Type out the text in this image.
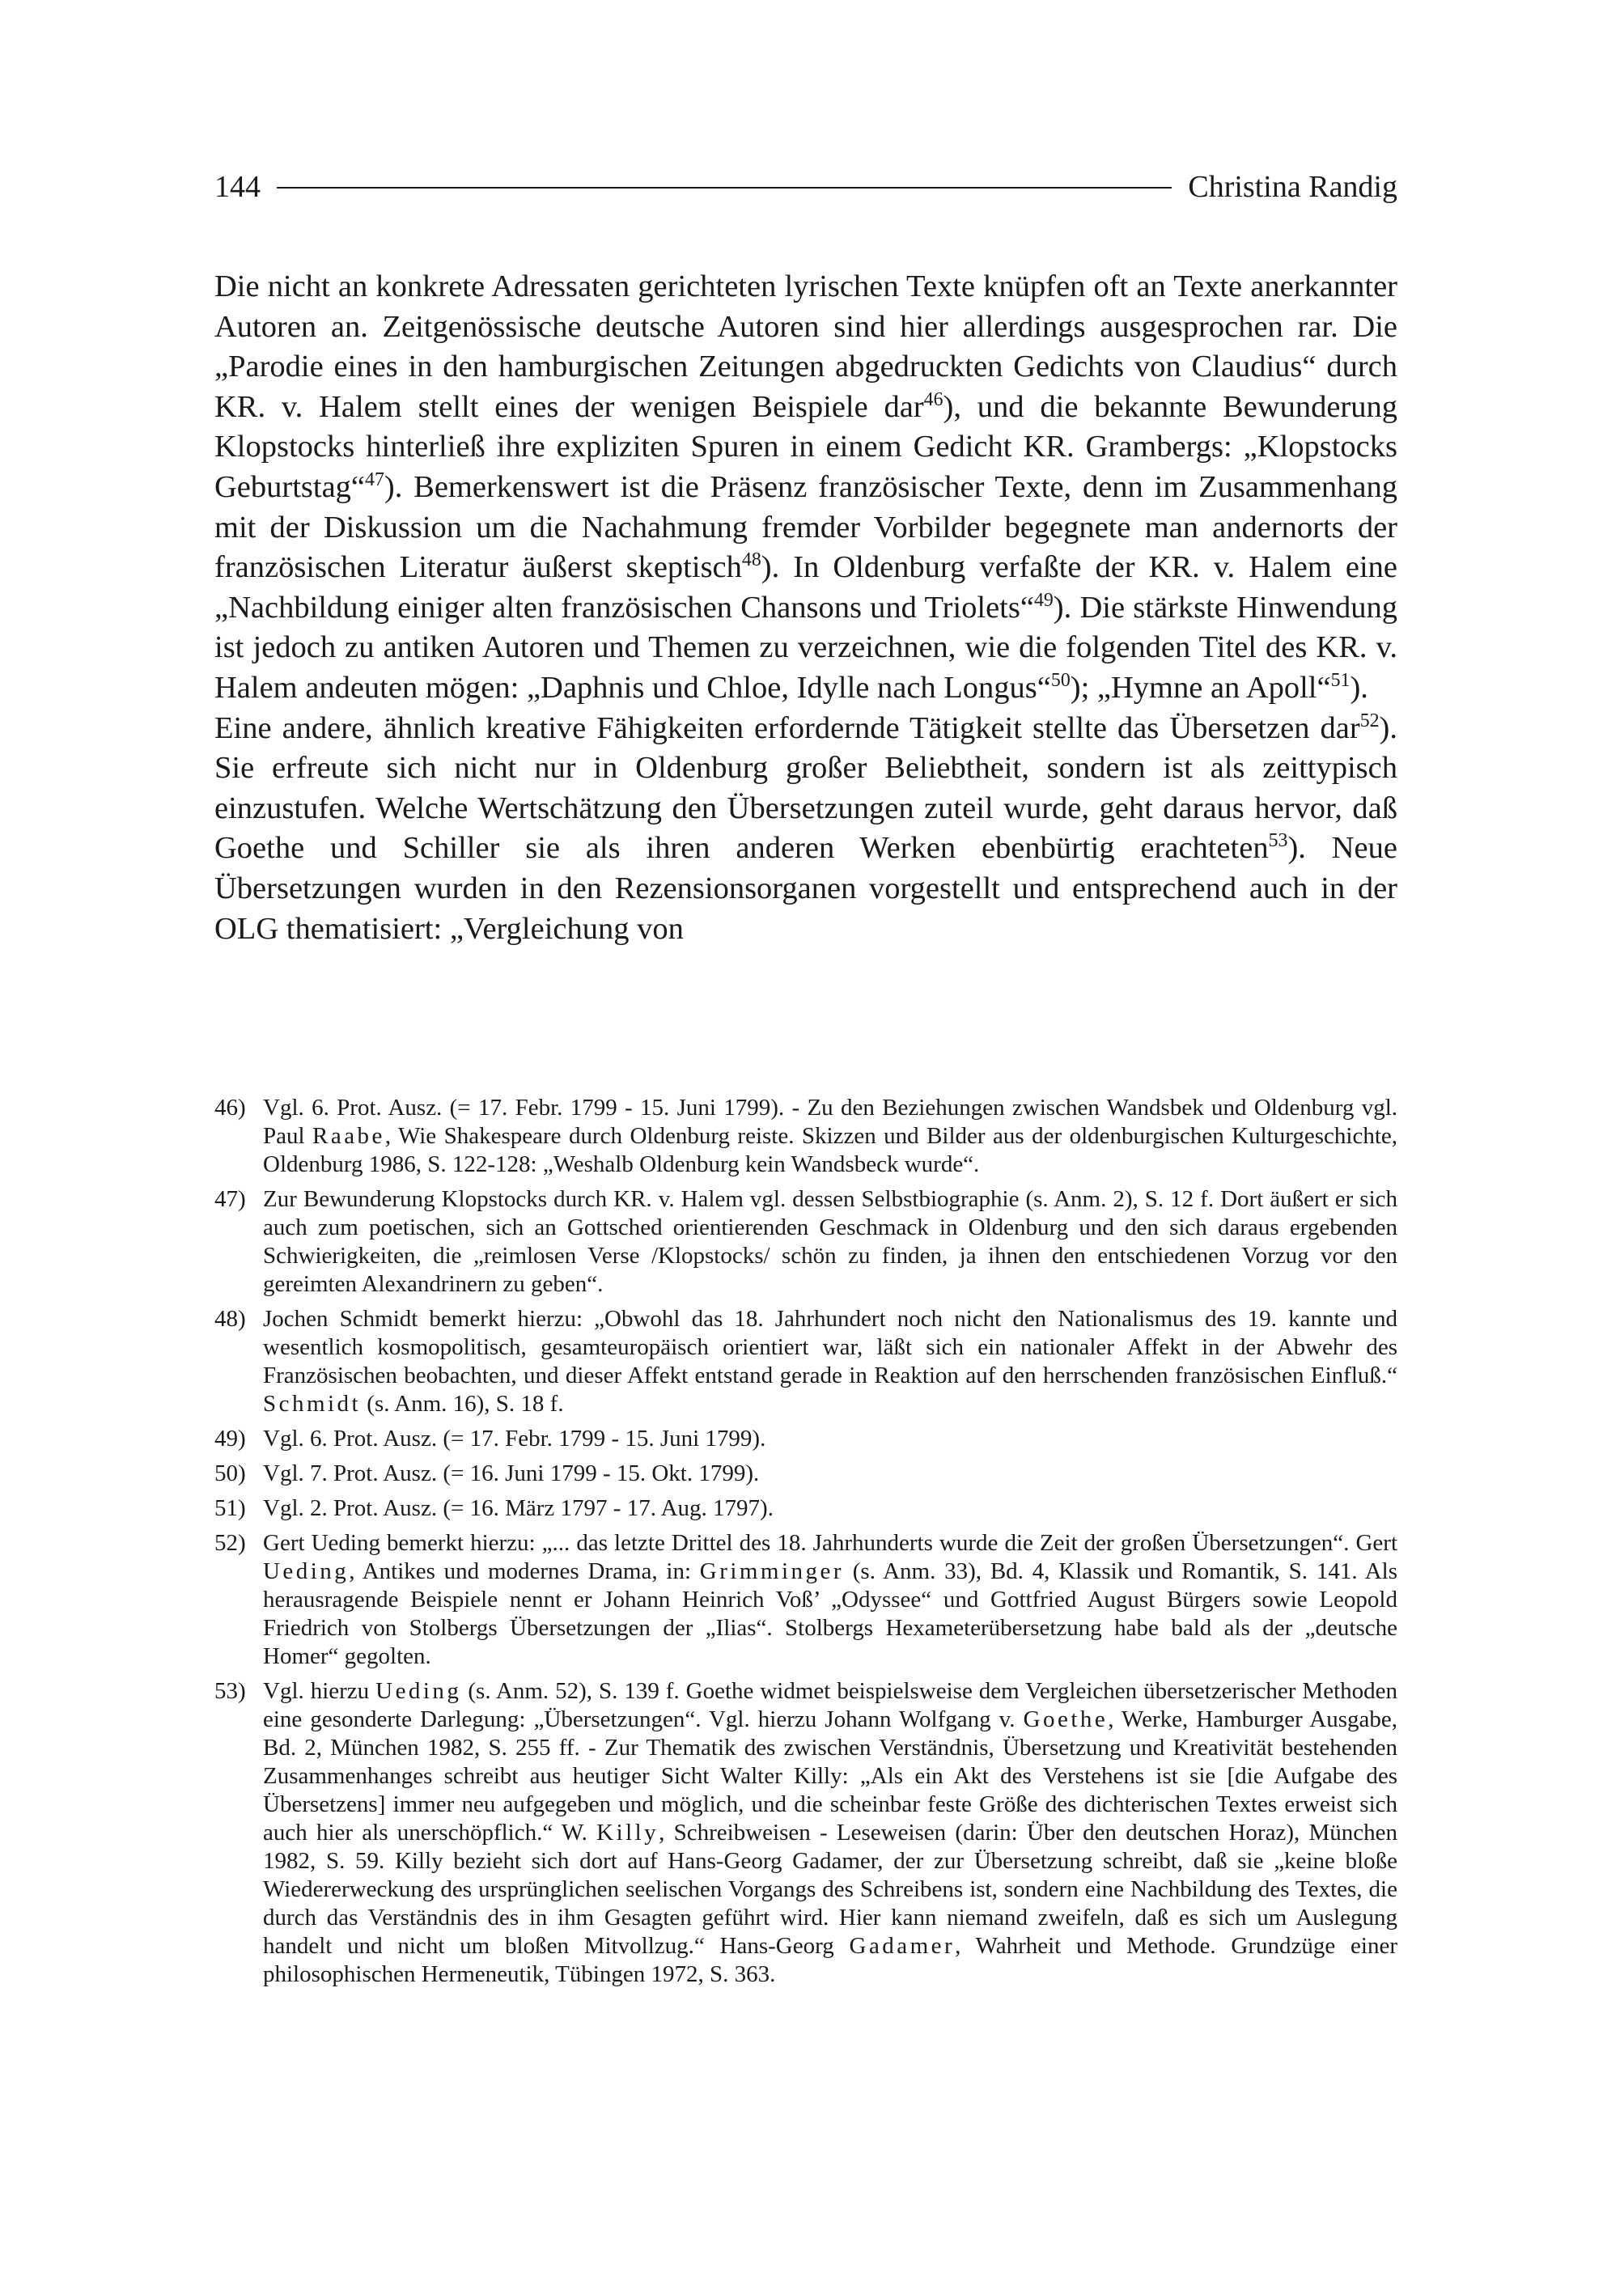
144	Christina Randig

Die nicht an konkrete Adressaten gerichteten lyrischen Texte knüpfen oft an Texte anerkannter Autoren an. Zeitgenössische deutsche Autoren sind hier allerdings ausgesprochen rar. Die „Parodie eines in den hamburgischen Zeitungen abgedruckten Gedichts von Claudius“ durch KR. v. Halem stellt eines der wenigen Beispiele dar$^{46}$), und die bekannte Bewunderung Klopstocks hinterließ ihre expliziten Spuren in einem Gedicht KR. Grambergs: „Klopstocks Geburtstag“$^{47}$). Bemerkenswert ist die Präsenz französischer Texte, denn im Zusammenhang mit der Diskussion um die Nachahmung fremder Vorbilder begegnete man andernorts der französischen Literatur äußerst skeptisch$^{48}$). In Oldenburg verfaßte der KR. v. Halem eine „Nachbildung einiger alten französischen Chansons und Triolets“$^{49}$). Die stärkste Hinwendung ist jedoch zu antiken Autoren und Themen zu verzeichnen, wie die folgenden Titel des KR. v. Halem andeuten mögen: „Daphnis und Chloe, Idylle nach Longus“$^{50}$); „Hymne an Apoll“$^{51}$).

Eine andere, ähnlich kreative Fähigkeiten erfordernde Tätigkeit stellte das Übersetzen dar$^{52}$). Sie erfreute sich nicht nur in Oldenburg großer Beliebtheit, sondern ist als zeittypisch einzustufen. Welche Wertschätzung den Übersetzungen zuteil wurde, geht daraus hervor, daß Goethe und Schiller sie als ihren anderen Werken ebenbürtig erachteten$^{53}$). Neue Übersetzungen wurden in den Rezensionsorganen vorgestellt und entsprechend auch in der OLG thematisiert: „Vergleichung von

46) Vgl. 6. Prot. Ausz. (= 17. Febr. 1799 - 15. Juni 1799). - Zu den Beziehungen zwischen Wandsbek und Oldenburg vgl. Paul Raabe, Wie Shakespeare durch Oldenburg reiste. Skizzen und Bilder aus der oldenburgischen Kulturgeschichte, Oldenburg 1986, S. 122-128: „Weshalb Oldenburg kein Wandsbeck wurde“.
47) Zur Bewunderung Klopstocks durch KR. v. Halem vgl. dessen Selbstbiographie (s. Anm. 2), S. 12 f. Dort äußert er sich auch zum poetischen, sich an Gottsched orientierenden Geschmack in Oldenburg und den sich daraus ergebenden Schwierigkeiten, die „reimlosen Verse /Klopstocks/ schön zu finden, ja ihnen den entschiedenen Vorzug vor den gereimten Alexandrinern zu geben“.
48) Jochen Schmidt bemerkt hierzu: „Obwohl das 18. Jahrhundert noch nicht den Nationalismus des 19. kannte und wesentlich kosmopolitisch, gesamteuropäisch orientiert war, läßt sich ein nationaler Affekt in der Abwehr des Französischen beobachten, und dieser Affekt entstand gerade in Reaktion auf den herrschenden französischen Einfluß.“ Schmidt (s. Anm. 16), S. 18 f.
49) Vgl. 6. Prot. Ausz. (= 17. Febr. 1799 - 15. Juni 1799).
50) Vgl. 7. Prot. Ausz. (= 16. Juni 1799 - 15. Okt. 1799).
51) Vgl. 2. Prot. Ausz. (= 16. März 1797 - 17. Aug. 1797).
52) Gert Ueding bemerkt hierzu: „... das letzte Drittel des 18. Jahrhunderts wurde die Zeit der großen Übersetzungen“. Gert Ueding, Antikes und modernes Drama, in: Grimminger (s. Anm. 33), Bd. 4, Klassik und Romantik, S. 141. Als herausragende Beispiele nennt er Johann Heinrich Voß’ „Odyssee“ und Gottfried August Bürgers sowie Leopold Friedrich von Stolbergs Übersetzungen der „Ilias“. Stolbergs Hexameterübersetzung habe bald als der „deutsche Homer“ gegolten.
53) Vgl. hierzu Ueding (s. Anm. 52), S. 139 f. Goethe widmet beispielsweise dem Vergleichen übersetzerischer Methoden eine gesonderte Darlegung: „Übersetzungen“. Vgl. hierzu Johann Wolfgang v. Goethe, Werke, Hamburger Ausgabe, Bd. 2, München 1982, S. 255 ff. - Zur Thematik des zwischen Verständnis, Übersetzung und Kreativität bestehenden Zusammenhanges schreibt aus heutiger Sicht Walter Killy: „Als ein Akt des Verstehens ist sie [die Aufgabe des Übersetzens] immer neu aufgegeben und möglich, und die scheinbar feste Größe des dichterischen Textes erweist sich auch hier als unerschöpflich.“ W. Killy, Schreibweisen - Leseweisen (darin: Über den deutschen Horaz), München 1982, S. 59. Killy bezieht sich dort auf Hans-Georg Gadamer, der zur Übersetzung schreibt, daß sie „keine bloße Wiedererweckung des ursprünglichen seelischen Vorgangs des Schreibens ist, sondern eine Nachbildung des Textes, die durch das Verständnis des in ihm Gesagten geführt wird. Hier kann niemand zweifeln, daß es sich um Auslegung handelt und nicht um bloßen Mitvollzug.“ Hans-Georg Gadamer, Wahrheit und Methode. Grundzüge einer philosophischen Hermeneutik, Tübingen 1972, S. 363.
